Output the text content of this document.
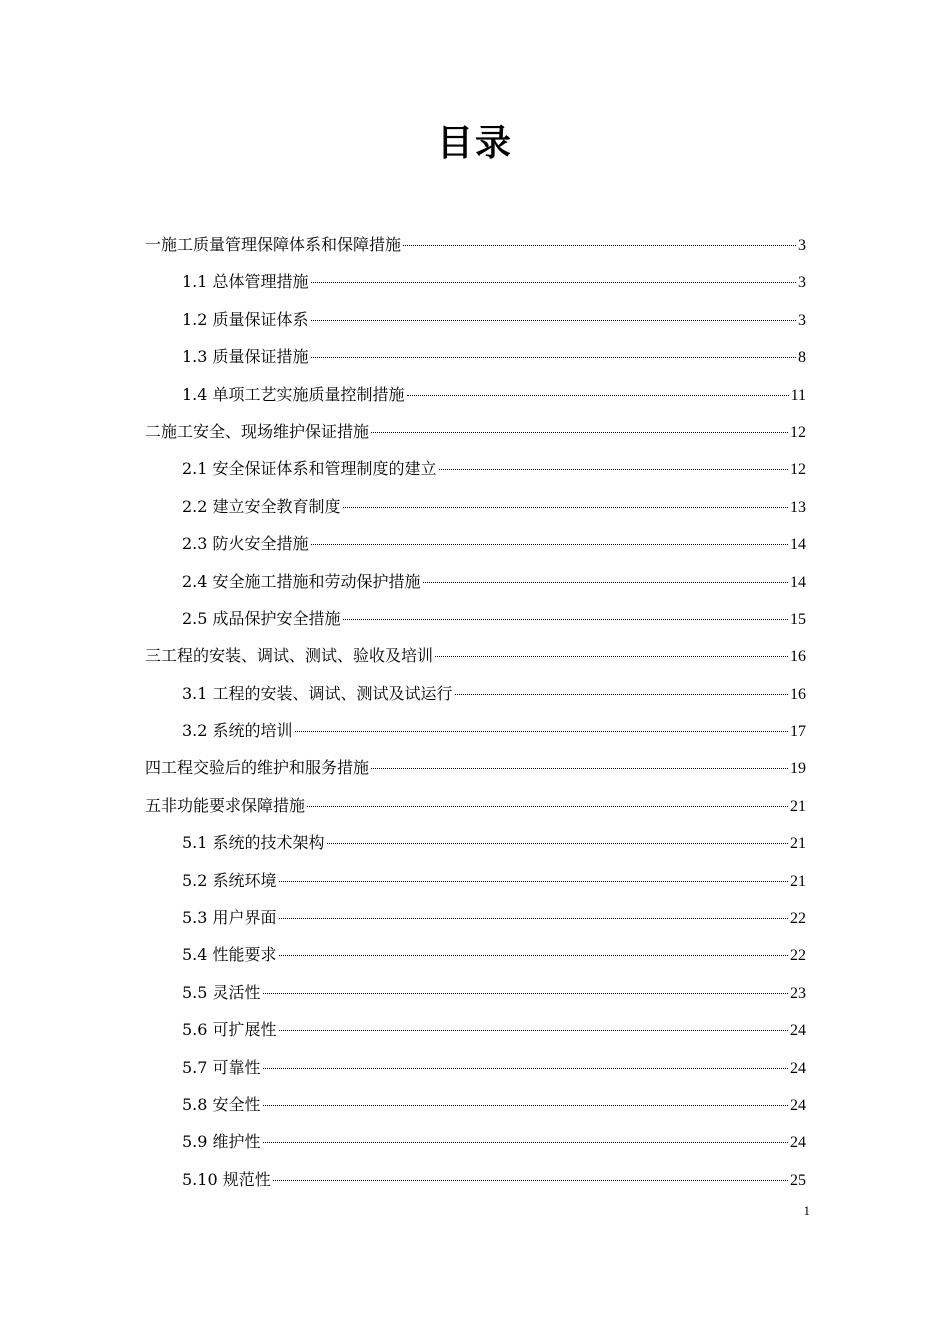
目录
一施工质量管理保障体系和保障措施	3
1.1 总体管理措施	3
1.2 质量保证体系	3
1.3 质量保证措施	8
1.4 单项工艺实施质量控制措施	11
二施工安全、现场维护保证措施	12
2.1 安全保证体系和管理制度的建立	12
2.2 建立安全教育制度	13
2.3 防火安全措施	14
2.4 安全施工措施和劳动保护措施	14
2.5 成品保护安全措施	15
三工程的安装、调试、测试、验收及培训	16
3.1 工程的安装、调试、测试及试运行	16
3.2 系统的培训	17
四工程交验后的维护和服务措施	19
五非功能要求保障措施	21
5.1 系统的技术架构	21
5.2 系统环境	21
5.3 用户界面	22
5.4 性能要求	22
5.5 灵活性	23
5.6 可扩展性	24
5.7 可靠性	24
5.8 安全性	24
5.9 维护性	24
5.10 规范性	25
1
